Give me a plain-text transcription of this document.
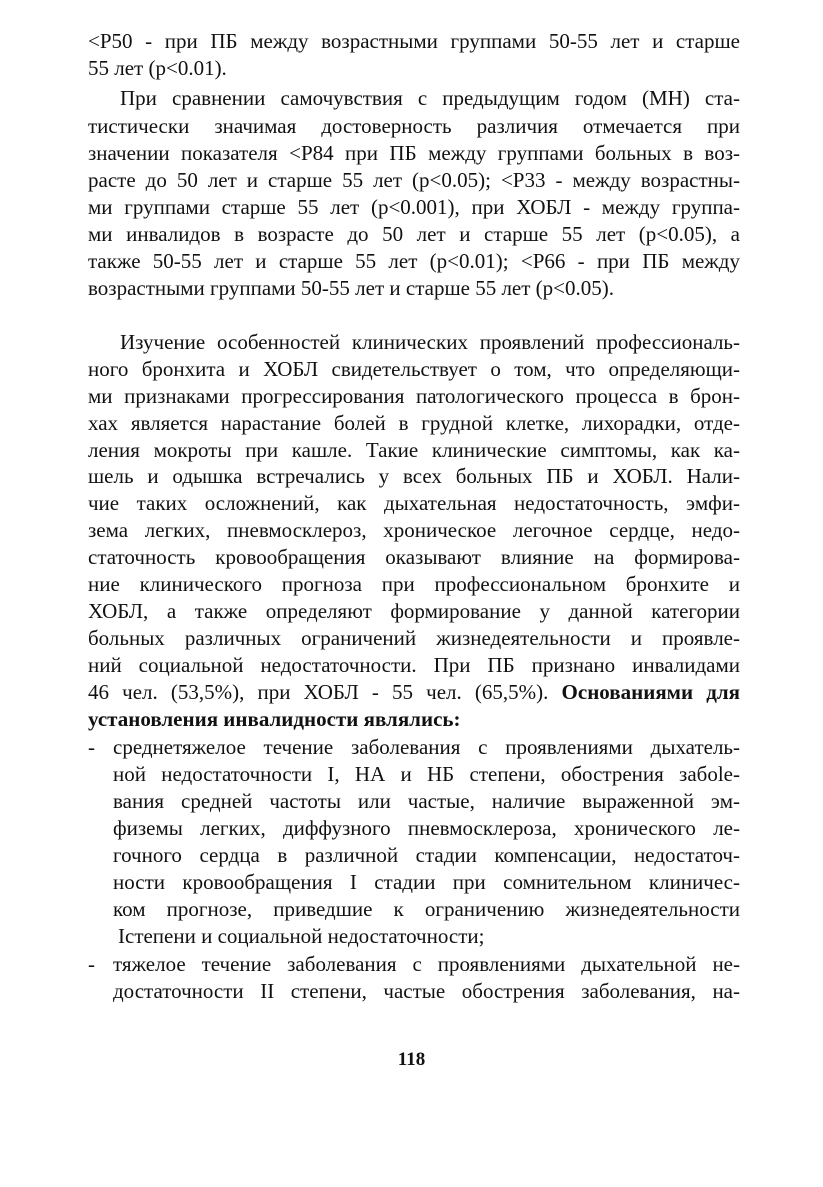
<P50 - при ПБ между возрастными группами 50-55 лет и старше
55 лет (р<0.01).
При сравнении самочувствия с предыдущим годом (МН) ста-
тистически значимая достоверность различия отмечается при
значении показателя <P84 при ПБ между группами больных в воз-
расте до 50 лет и старше 55 лет (р<0.05); <P33 - между возрастны-
ми группами старше 55 лет (р<0.001), при ХОБЛ - между группа-
ми инвалидов в возрасте до 50 лет и старше 55 лет (р<0.05), а
также 50-55 лет и старше 55 лет (р<0.01); <P66 - при ПБ между
возрастными группами 50-55 лет и старше 55 лет (р<0.05).
Изучение особенностей клинических проявлений профессиональ-
ного бронхита и ХОБЛ свидетельствует о том, что определяющи-
ми признаками прогрессирования патологического процесса в брон-
хах является нарастание болей в грудной клетке, лихорадки, отде-
ления мокроты при кашле. Такие клинические симптомы, как ка-
шель и одышка встречались у всех больных ПБ и ХОБЛ. Нали-
чие таких осложнений, как дыхательная недостаточность, эмфи-
зема легких, пневмосклероз, хроническое легочное сердце, недо-
статочность кровообращения оказывают влияние на формирова-
ние клинического прогноза при профессиональном бронхите и
ХОБЛ, а также определяют формирование у данной категории
больных различных ограничений жизнедеятельности и проявле-
ний социальной недостаточности. При ПБ признано инвалидами
46 чел. (53,5%), при ХОБЛ - 55 чел. (65,5%). Основаниями для
установления инвалидности являлись:
- среднетяжелое течение заболевания с проявлениями дыхатель-
ной недостаточности I, НА и НБ степени, обострения забole-
вания средней частоты или частые, наличие выраженной эм-
физемы легких, диффузного пневмосклероза, хронического ле-
гочного сердца в различной стадии компенсации, недостаточ-
ности кровообращения I стадии при сомнительном клиничес-
ком прогнозе, приведшие к ограничению жизнедеятельности
Iстепени и социальной недостаточности;
- тяжелое течение заболевания с проявлениями дыхательной не-
достаточности II степени, частые обострения заболевания, на-
118
